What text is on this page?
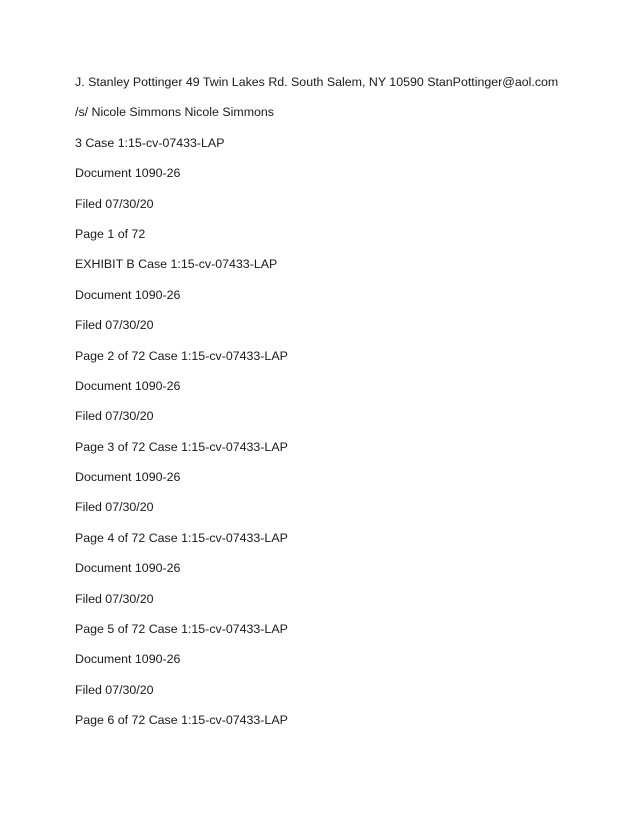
J. Stanley Pottinger 49 Twin Lakes Rd. South Salem, NY 10590 StanPottinger@aol.com
/s/ Nicole Simmons Nicole Simmons
3 Case 1:15-cv-07433-LAP
Document 1090-26
Filed 07/30/20
Page 1 of 72
EXHIBIT B Case 1:15-cv-07433-LAP
Document 1090-26
Filed 07/30/20
Page 2 of 72 Case 1:15-cv-07433-LAP
Document 1090-26
Filed 07/30/20
Page 3 of 72 Case 1:15-cv-07433-LAP
Document 1090-26
Filed 07/30/20
Page 4 of 72 Case 1:15-cv-07433-LAP
Document 1090-26
Filed 07/30/20
Page 5 of 72 Case 1:15-cv-07433-LAP
Document 1090-26
Filed 07/30/20
Page 6 of 72 Case 1:15-cv-07433-LAP
